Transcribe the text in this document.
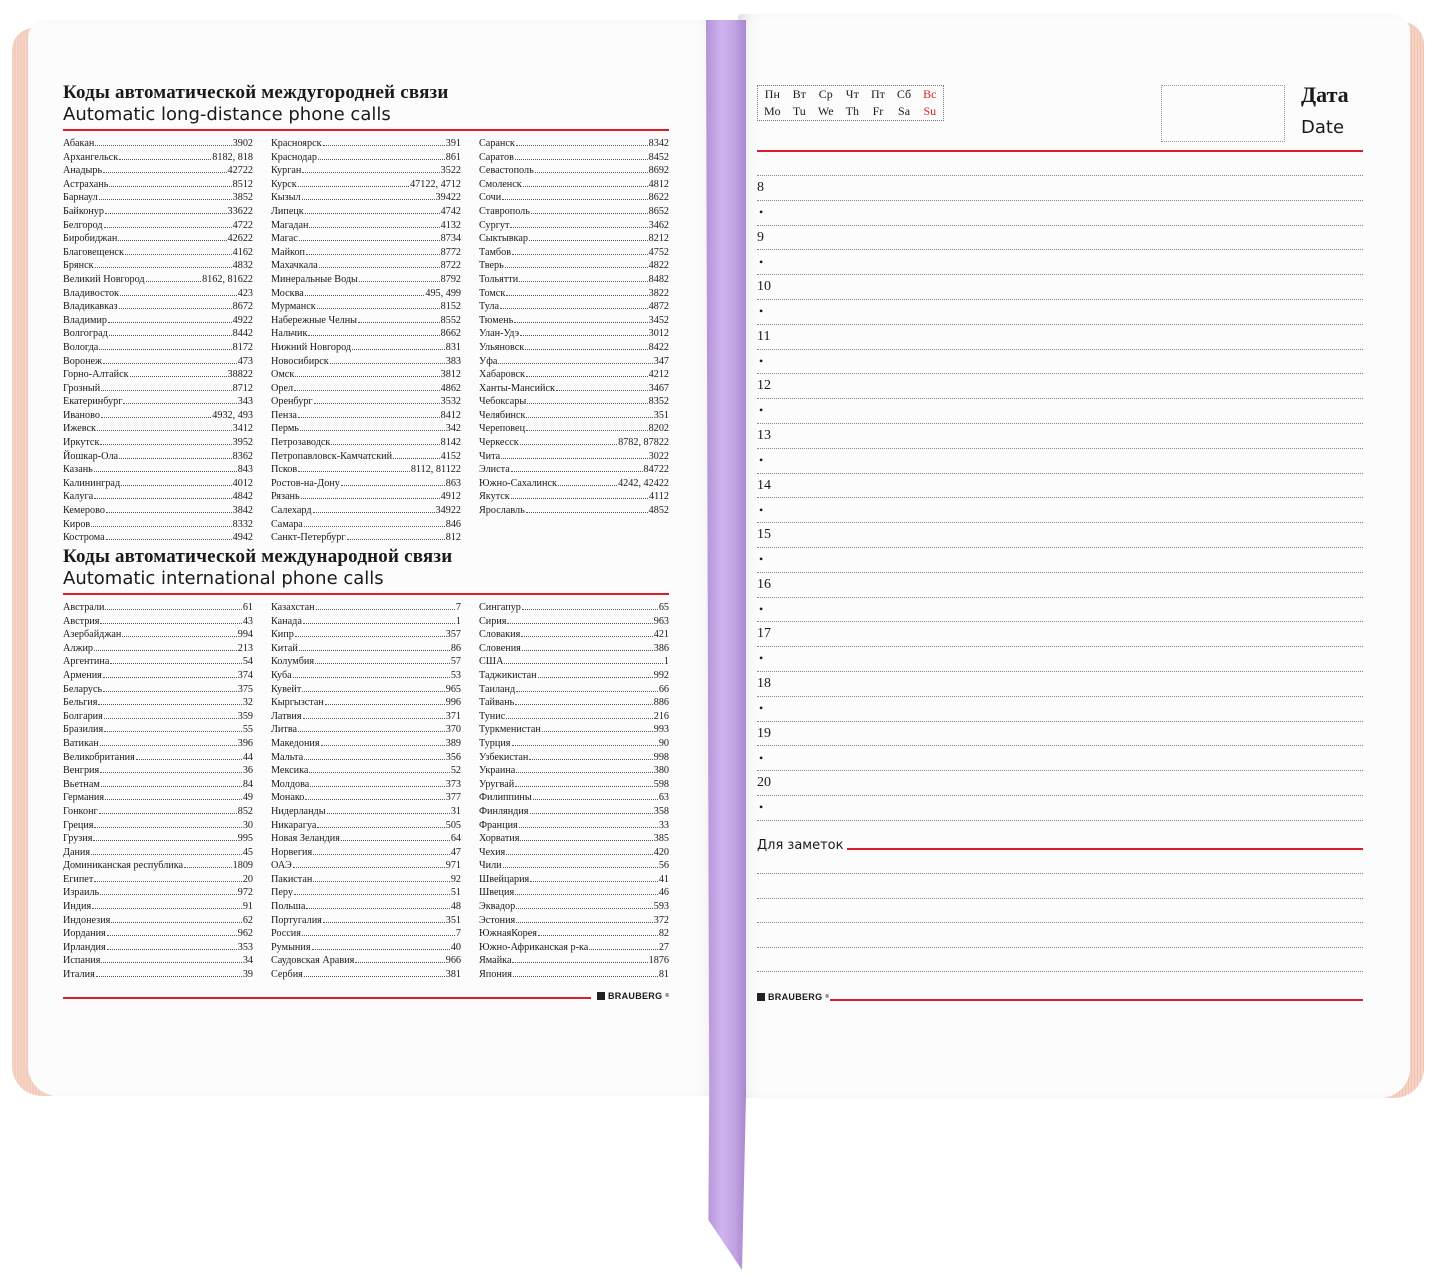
Коды автоматической междугородней связи
Automatic long-distance phone calls
Абакан	3902
Архангельск	8182, 818
Анадырь	42722
Астрахань	8512
Барнаул	3852
Байконур	33622
Белгород	4722
Биробиджан	42622
Благовещенск	4162
Брянск	4832
Великий Новгород	8162, 81622
Владивосток	423
Владикавказ	8672
Владимир	4922
Волгоград	8442
Вологда	8172
Воронеж	473
Горно-Алтайск	38822
Грозный	8712
Екатеринбург	343
Иваново	4932, 493
Ижевск	3412
Иркутск	3952
Йошкар-Ола	8362
Казань	843
Калининград	4012
Калуга	4842
Кемерово	3842
Киров	8332
Кострома	4942
Красноярск	391
Краснодар	861
Курган	3522
Курск	47122, 4712
Кызыл	39422
Липецк	4742
Магадан	4132
Магас	8734
Майкоп	8772
Махачкала	8722
Минеральные Воды	8792
Москва	495, 499
Мурманск	8152
Набережные Челны	8552
Нальчик	8662
Нижний Новгород	831
Новосибирск	383
Омск	3812
Орел	4862
Оренбург	3532
Пенза	8412
Пермь	342
Петрозаводск	8142
Петропавловск-Камчатский	4152
Псков	8112, 81122
Ростов-на-Дону	863
Рязань	4912
Салехард	34922
Самара	846
Санкт-Петербург	812
Саранск	8342
Саратов	8452
Севастополь	8692
Смоленск	4812
Сочи	8622
Ставрополь	8652
Сургут	3462
Сыктывкар	8212
Тамбов	4752
Тверь	4822
Тольятти	8482
Томск	3822
Тула	4872
Тюмень	3452
Улан-Удэ	3012
Ульяновск	8422
Уфа	347
Хабаровск	4212
Ханты-Мансийск	3467
Чебоксары	8352
Челябинск	351
Череповец	8202
Черкесск	8782, 87822
Чита	3022
Элиста	84722
Южно-Сахалинск	4242, 42422
Якутск	4112
Ярославль	4852
Коды автоматической международной связи
Automatic international phone calls
Австрали	61
Австрия	43
Азербайджан	994
Алжир	213
Аргентина	54
Армения	374
Беларусь	375
Бельгия	32
Болгария	359
Бразилия	55
Ватикан	396
Великобритания	44
Венгрия	36
Вьетнам	84
Германия	49
Гонконг	852
Греция	30
Грузия	995
Дания	45
Доминиканская республика	1809
Египет	20
Израиль	972
Индия	91
Индонезия	62
Иордания	962
Ирландия	353
Испания	34
Италия	39
Казахстан	7
Канада	1
Кипр	357
Китай	86
Колумбия	57
Куба	53
Кувейт	965
Кыргызстан	996
Латвия	371
Литва	370
Македония	389
Мальта	356
Мексика	52
Молдова	373
Монако	377
Нидерланды	31
Никарагуа	505
Новая Зеландия	64
Норвегия	47
ОАЭ	971
Пакистан	92
Перу	51
Польша	48
Португалия	351
Россия	7
Румыния	40
Саудовская Аравия	966
Сербия	381
Сингапур	65
Сирия	963
Словакия	421
Словения	386
США	1
Таджикистан	992
Таиланд	66
Тайвань	886
Тунис	216
Туркменистан	993
Турция	90
Узбекистан	998
Украина	380
Уругвай	598
Филиппины	63
Финляндия	358
Франция	33
Хорватия	385
Чехия	420
Чили	56
Швейцария	41
Швеция	46
Эквадор	593
Эстония	372
ЮжнаяКорея	82
Южно-Африканская р-ка	27
Ямайка	1876
Япония	81
BRAUBERG ®
Пн	Вт	Ср	Чт	Пт	Сб	Вс
Mo	Tu	We	Th	Fr	Sa	Su
Дата
Date
8
•
9
•
10
•
11
•
12
•
13
•
14
•
15
•
16
•
17
•
18
•
19
•
20
•
Для заметок
BRAUBERG ®
